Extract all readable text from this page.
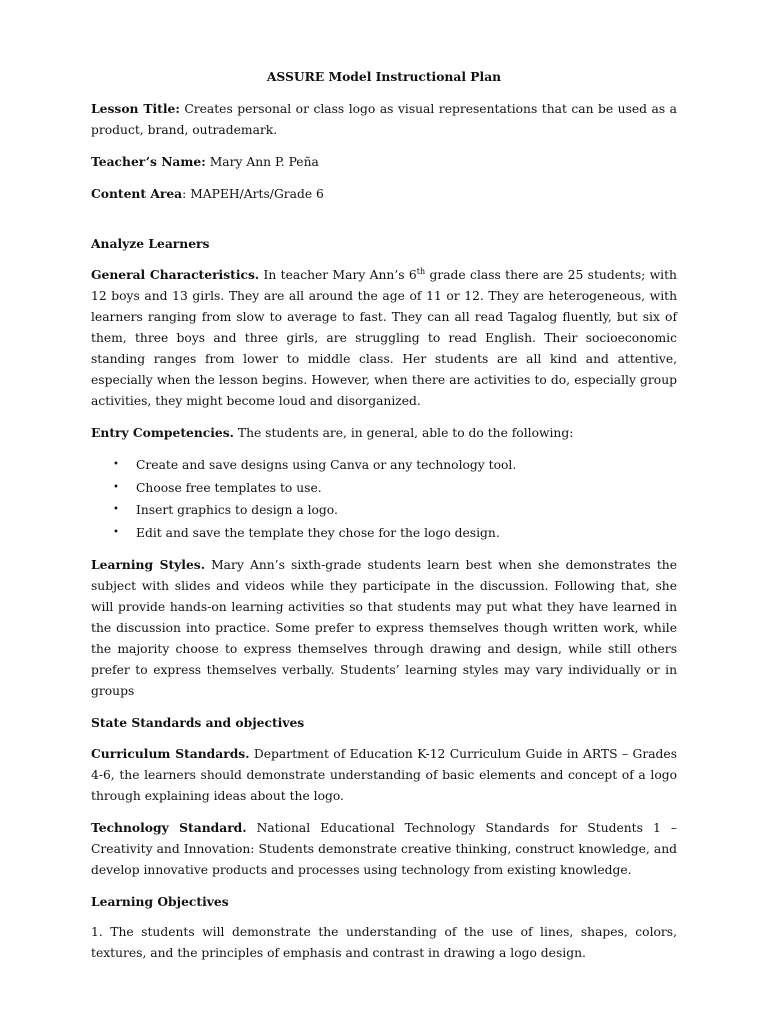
ASSURE Model Instructional Plan

Lesson Title: Creates personal or class logo as visual representations that can be used as a product, brand, outrademark.

Teacher’s Name: Mary Ann P. Peña

Content Area: MAPEH/Arts/Grade 6

Analyze Learners

General Characteristics. In teacher Mary Ann’s 6th grade class there are 25 students; with 12 boys and 13 girls. They are all around the age of 11 or 12. They are heterogeneous, with learners ranging from slow to average to fast. They can all read Tagalog fluently, but six of them, three boys and three girls, are struggling to read English. Their socioeconomic standing ranges from lower to middle class. Her students are all kind and attentive, especially when the lesson begins. However, when there are activities to do, especially group activities, they might become loud and disorganized.

Entry Competencies. The students are, in general, able to do the following:

• Create and save designs using Canva or any technology tool.
• Choose free templates to use.
• Insert graphics to design a logo.
• Edit and save the template they chose for the logo design.

Learning Styles. Mary Ann’s sixth-grade students learn best when she demonstrates the subject with slides and videos while they participate in the discussion. Following that, she will provide hands-on learning activities so that students may put what they have learned in the discussion into practice. Some prefer to express themselves though written work, while the majority choose to express themselves through drawing and design, while still others prefer to express themselves verbally. Students’ learning styles may vary individually or in groups

State Standards and objectives

Curriculum Standards. Department of Education K-12 Curriculum Guide in ARTS – Grades 4-6, the learners should demonstrate understanding of basic elements and concept of a logo through explaining ideas about the logo.

Technology Standard. National Educational Technology Standards for Students 1 – Creativity and Innovation: Students demonstrate creative thinking, construct knowledge, and develop innovative products and processes using technology from existing knowledge.

Learning Objectives

1. The students will demonstrate the understanding of the use of lines, shapes, colors, textures, and the principles of emphasis and contrast in drawing a logo design.
